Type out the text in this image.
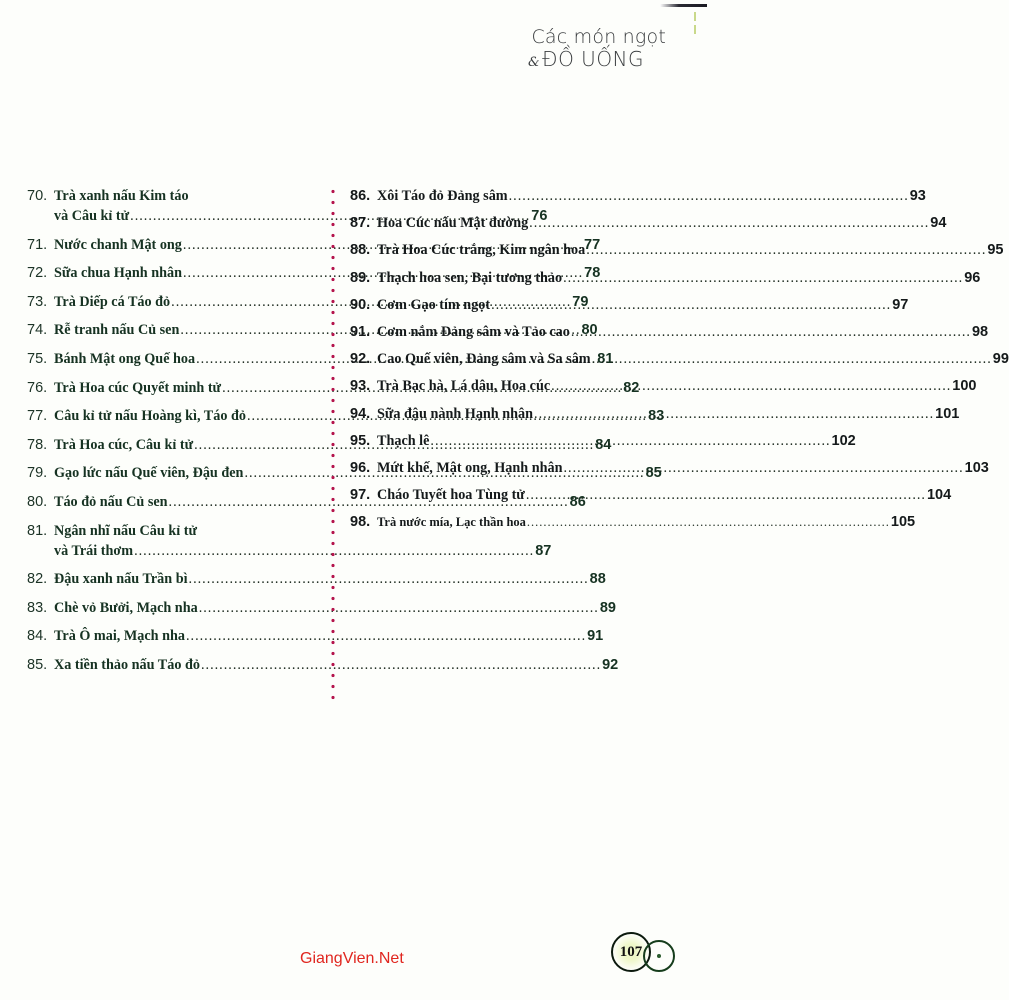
Các món ngọt
& ĐỒ UỐNG
70. Trà xanh nấu Kim táo
và Câu kỉ tử .....	76
71. Nước chanh Mật ong .....	77
72. Sữa chua Hạnh nhân .....	78
73. Trà Diếp cá Táo đỏ .....	79
74. Rễ tranh nấu Củ sen .....	80
75. Bánh Mật ong Quế hoa .....	81
76. Trà Hoa cúc Quyết minh tử .....	82
77. Câu kỉ tử nấu Hoàng kì, Táo đỏ .....	83
78. Trà Hoa cúc, Câu kỉ tử .....	84
79. Gạo lức nấu Quế viên, Đậu đen .....	85
80. Táo đỏ nấu Củ sen .....	86
81. Ngân nhĩ nấu Câu kỉ tử
và Trái thơm .....	87
82. Đậu xanh nấu Trần bì .....	88
83. Chè vỏ Bưởi, Mạch nha .....	89
84. Trà Ô mai, Mạch nha .....	91
85. Xa tiền thảo nấu Táo đỏ .....	92
86. Xôi Táo đỏ Đảng sâm .....	93
87. Hoa Cúc nấu Mật đường .....	94
88. Trà Hoa Cúc trắng, Kim ngân hoa .....	95
89. Thạch hoa sen, Bại tương thảo .....	96
90. Cơm Gạo tím ngọt .....	97
91. Cơm nắm Đảng sâm và Tảo cao .....	98
92. Cao Quế viên, Đảng sâm và Sa sâm .....	99
93. Trà Bạc hà, Lá dâu, Hoa cúc .....	100
94. Sữa đậu nành Hạnh nhân .....	101
95. Thạch lê .....	102
96. Mứt khế, Mật ong, Hạnh nhân .....	103
97. Cháo Tuyết hoa Tùng tử .....	104
98. Trà nước mía, Lạc thần hoa .....	105
GiangVien.Net	107
